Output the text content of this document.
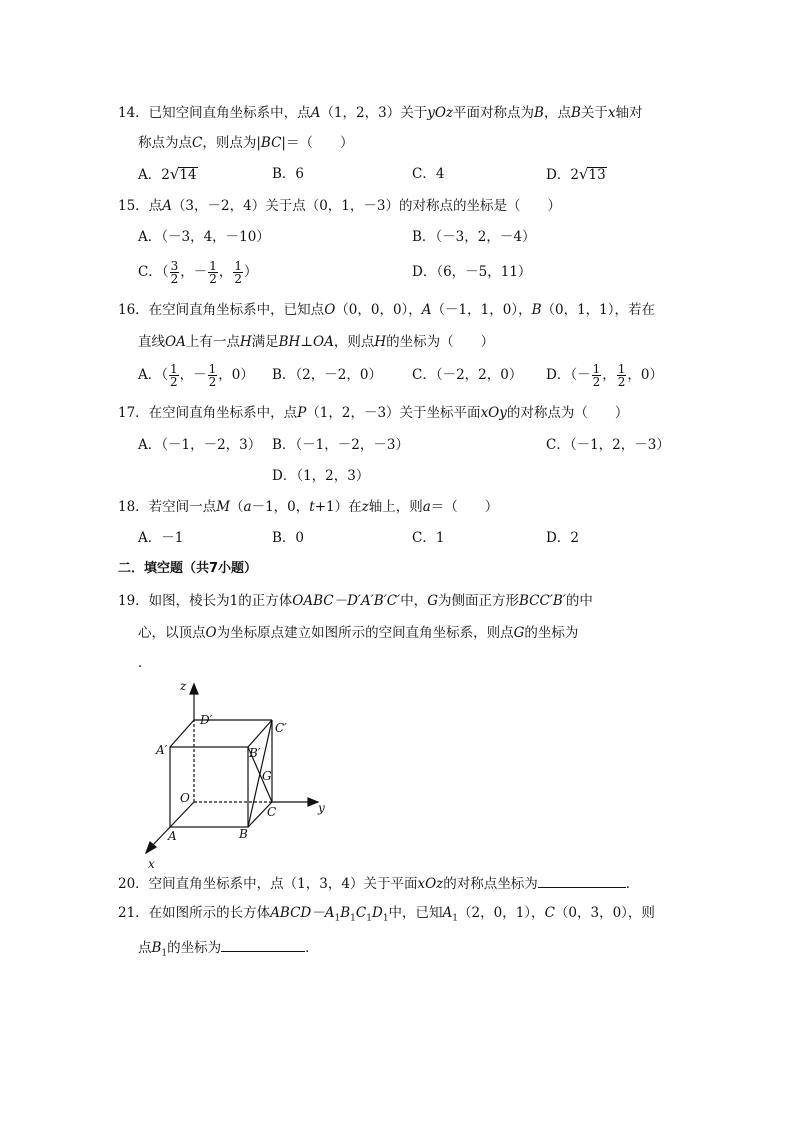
14．已知空间直角坐标系中，点A（1，2，3）关于yOz平面对称点为B，点B关于x轴对
称点为点C，则点为|BC|＝（　　）
A．2√14	B．6	C．4	D．2√13
15．点A（3，－2，4）关于点（0，1，－3）的对称点的坐标是（　　）
A．（－3，4，－10）	B．（－3，2，－4）
C．（ $\frac{3}{2}$ ，－ $\frac{1}{2}$ ， $\frac{1}{2}$ ）	D．（6，－5，11）
16．在空间直角坐标系中，已知点O（0，0，0），A（－1，1，0），B（0，1，1），若在
直线OA上有一点H满足BH⊥OA，则点H的坐标为（　　）
A．（ $\frac{1}{2}$ ，－ $\frac{1}{2}$ ，0） B．（2，－2，0） C．（－2，2，0） D．（－ $\frac{1}{2}$ ， $\frac{1}{2}$ ，0）
17．在空间直角坐标系中，点P（1，2，－3）关于坐标平面xOy的对称点为（　　）
A．（－1，－2，3） B．（－1，－2，－3）	C．（－1，2，－3）
D．（1，2，3）
18．若空间一点M（a－1，0，t+1）在z轴上，则a＝（　　）
A．－1	B．0	C．1	D．2
二．填空题（共7小题）
19．如图，棱长为1的正方体OABC－D′A′B′C′中，G为侧面正方形BCC′B′的中
心，以顶点O为坐标原点建立如图所示的空间直角坐标系，则点G的坐标为
．
z
y
x
D′
C′
A′	B′
G
O
A	B
C
20．空间直角坐标系中，点（1，3，4）关于平面xOz的对称点坐标为	．
21．在如图所示的长方体$ABCD-A_1B_1C_1D_1$中，已知$A_1(2$，0，1），C（0，3，0），则
点$B_1$的坐标为	．
